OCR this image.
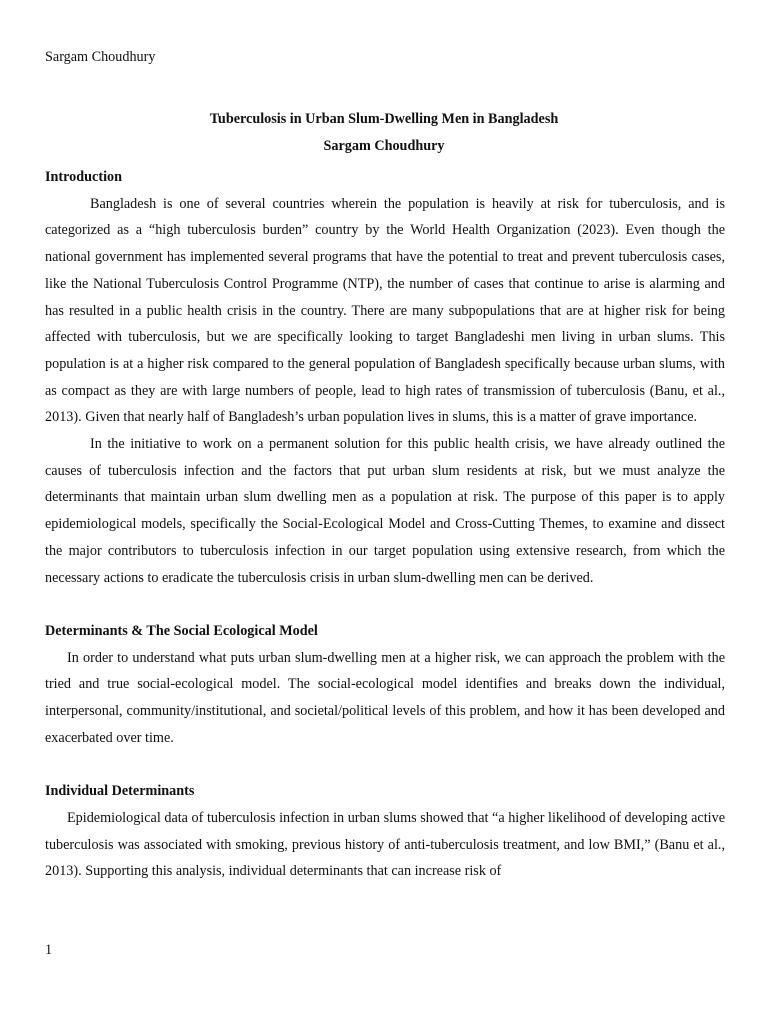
Sargam Choudhury
Tuberculosis in Urban Slum-Dwelling Men in Bangladesh
Sargam Choudhury

Introduction

Bangladesh is one of several countries wherein the population is heavily at risk for tuberculosis, and is categorized as a “high tuberculosis burden” country by the World Health Organization (2023). Even though the national government has implemented several programs that have the potential to treat and prevent tuberculosis cases, like the National Tuberculosis Control Programme (NTP), the number of cases that continue to arise is alarming and has resulted in a public health crisis in the country. There are many subpopulations that are at higher risk for being affected with tuberculosis, but we are specifically looking to target Bangladeshi men living in urban slums. This population is at a higher risk compared to the general population of Bangladesh specifically because urban slums, with as compact as they are with large numbers of people, lead to high rates of transmission of tuberculosis (Banu, et al., 2013). Given that nearly half of Bangladesh’s urban population lives in slums, this is a matter of grave importance.

In the initiative to work on a permanent solution for this public health crisis, we have already outlined the causes of tuberculosis infection and the factors that put urban slum residents at risk, but we must analyze the determinants that maintain urban slum dwelling men as a population at risk. The purpose of this paper is to apply epidemiological models, specifically the Social-Ecological Model and Cross-Cutting Themes, to examine and dissect the major contributors to tuberculosis infection in our target population using extensive research, from which the necessary actions to eradicate the tuberculosis crisis in urban slum-dwelling men can be derived.

Determinants & The Social Ecological Model

In order to understand what puts urban slum-dwelling men at a higher risk, we can approach the problem with the tried and true social-ecological model. The social-ecological model identifies and breaks down the individual, interpersonal, community/institutional, and societal/political levels of this problem, and how it has been developed and exacerbated over time.

Individual Determinants

Epidemiological data of tuberculosis infection in urban slums showed that “a higher likelihood of developing active tuberculosis was associated with smoking, previous history of anti-tuberculosis treatment, and low BMI,” (Banu et al., 2013). Supporting this analysis, individual determinants that can increase risk of

1
